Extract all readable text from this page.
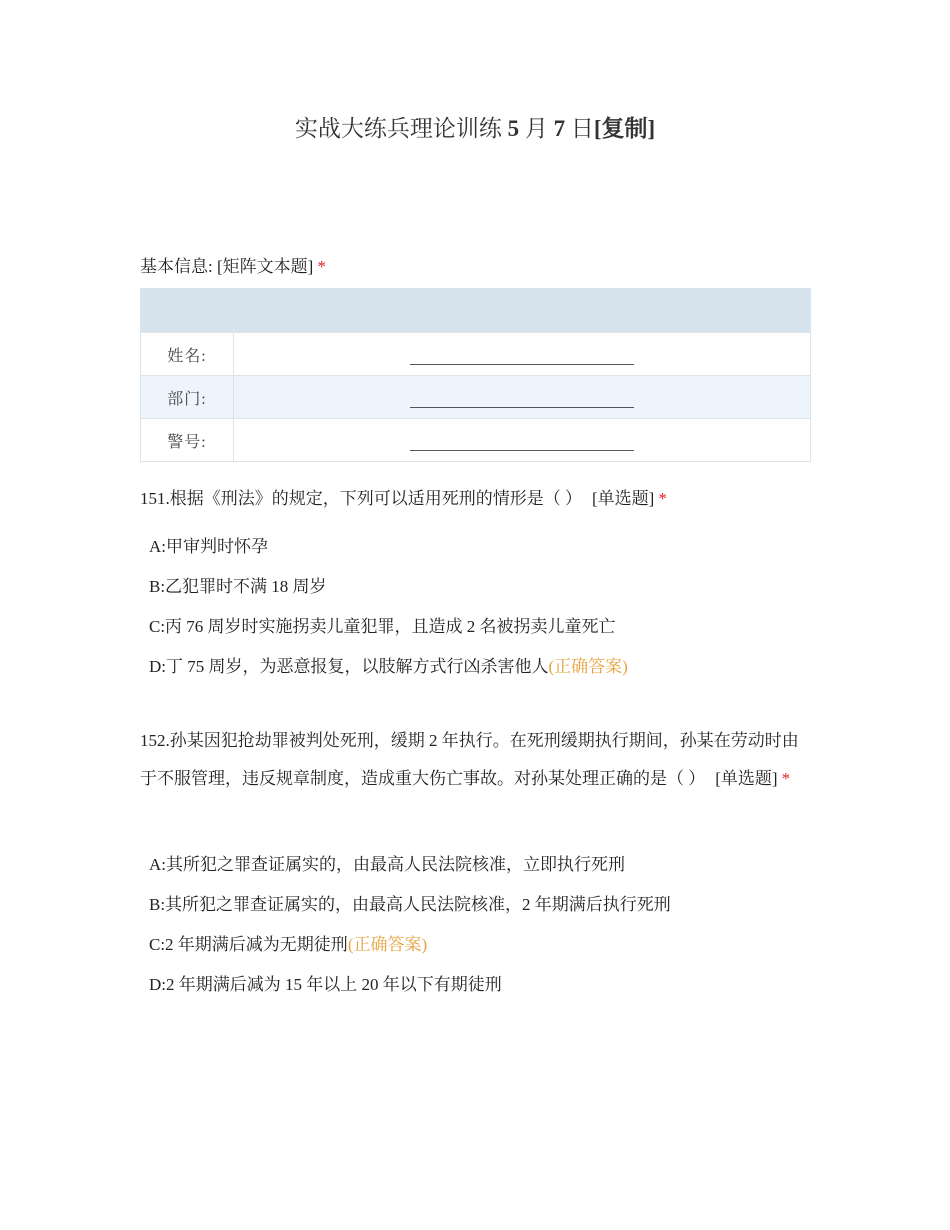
实战大练兵理论训练 5 月 7 日[复制]
基本信息: [矩阵文本题] *

姓名:	
部门:	
警号:	
151.根据《刑法》的规定，下列可以适用死刑的情形是（ ） [单选题] *
A:甲审判时怀孕
B:乙犯罪时不满 18 周岁
C:丙 76 周岁时实施拐卖儿童犯罪，且造成 2 名被拐卖儿童死亡
D:丁 75 周岁，为恶意报复，以肢解方式行凶杀害他人(正确答案)
152.孙某因犯抢劫罪被判处死刑，缓期 2 年执行。在死刑缓期执行期间，孙某在劳动时由于不服管理，违反规章制度，造成重大伤亡事故。对孙某处理正确的是（ ） [单选题] *
A:其所犯之罪查证属实的，由最高人民法院核准，立即执行死刑
B:其所犯之罪查证属实的，由最高人民法院核准，2 年期满后执行死刑
C:2 年期满后减为无期徒刑(正确答案)
D:2 年期满后减为 15 年以上 20 年以下有期徒刑
